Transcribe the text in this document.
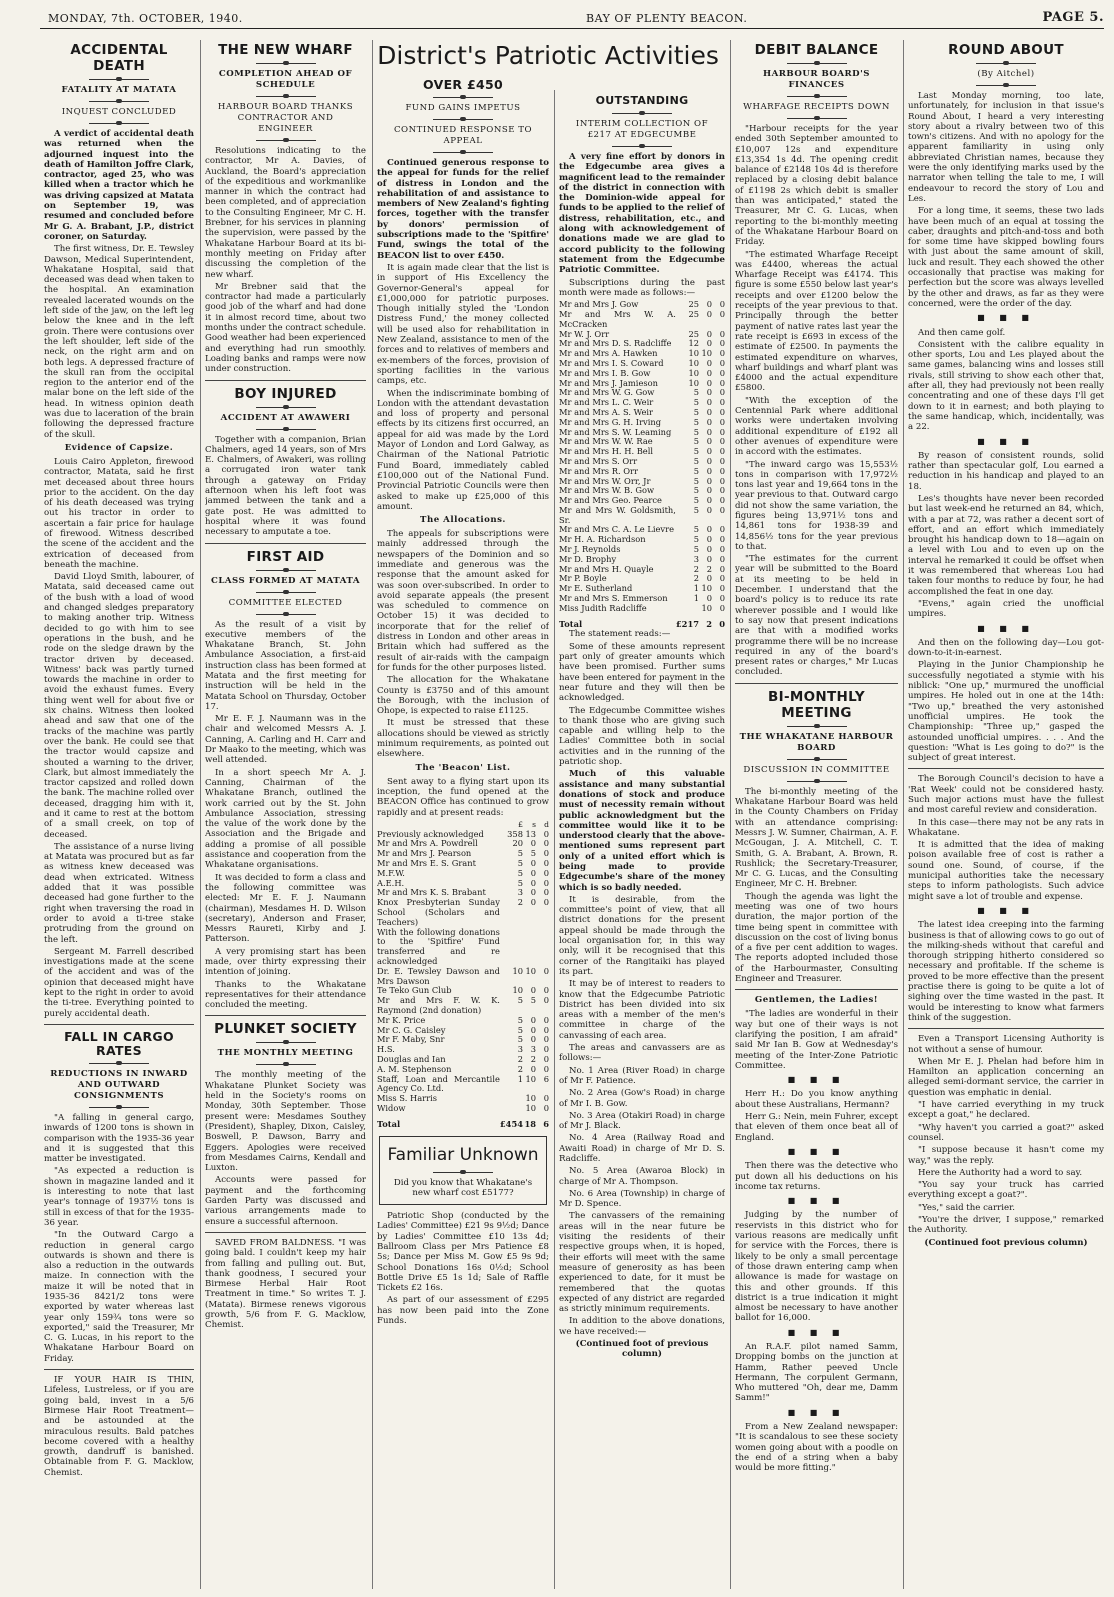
MONDAY, 7th. OCTOBER, 1940.	BAY OF PLENTY BEACON.	PAGE 5.
ACCIDENTAL DEATH
FATALITY AT MATATA
INQUEST CONCLUDED

A verdict of accidental death was returned when the adjourned inquest into the death of Hamilton Joffre Clark, contractor, aged 25, who was killed when a tractor which he was driving capsized at Matata on September 19, was resumed and concluded before Mr G. A. Brabant, J.P., district coroner, on Saturday.

The first witness, Dr. E. Tewsley Dawson, Medical Superintendent, Whakatane Hospital, said that deceased was dead when taken to the hospital. An examination revealed lacerated wounds on the left side of the jaw, on the left leg below the knee and in the left groin. There were contusions over the left shoulder, left side of the neck, on the right arm and on both legs. A depressed fracture of the skull ran from the occipital region to the anterior end of the malar bone on the left side of the head. In witness opinion death was due to laceration of the brain following the depressed fracture of the skull.

Evidence of Capsize.

Louis Cairo Appleton, firewood contractor, Matata, said he first met deceased about three hours prior to the accident. On the day of his death deceased was trying out his tractor in order to ascertain a fair price for haulage of firewood. Witness described the scene of the accident and the extrication of deceased from beneath the machine.

David Lloyd Smith, labourer, of Matata, said deceased came out of the bush with a load of wood and changed sledges preparatory to making another trip. Witness decided to go with him to see operations in the bush, and he rode on the sledge drawn by the tractor driven by deceased. Witness' back was partly turned towards the machine in order to avoid the exhaust fumes. Every thing went well for about five or six chains. Witness then looked ahead and saw that one of the tracks of the machine was partly over the bank. He could see that the tractor would capsize and shouted a warning to the driver, Clark, but almost immediately the tractor capsized and rolled down the bank. The machine rolled over deceased, dragging him with it, and it came to rest at the bottom of a small creek, on top of deceased.

The assistance of a nurse living at Matata was procured but as far as witness knew deceased was dead when extricated. Witness added that it was possible deceased had gone further to the right when traversing the road in order to avoid a ti-tree stake protruding from the ground on the left.

Sergeant M. Farrell described investigations made at the scene of the accident and was of the opinion that deceased might have kept to the right in order to avoid the ti-tree. Everything pointed to purely accidental death.

FALL IN CARGO RATES
REDUCTIONS IN INWARD AND OUTWARD CONSIGNMENTS

"A falling in general cargo, inwards of 1200 tons is shown in comparison with the 1935-36 year and it is suggested that this matter be investigated.

"As expected a reduction is shown in magazine landed and it is interesting to note that last year's tonnage of 1937½ tons is still in excess of that for the 1935-36 year.

"In the Outward Cargo a reduction in general cargo outwards is shown and there is also a reduction in the outwards maize. In connection with the maize it will be noted that in 1935-36 8421/2 tons were exported by water whereas last year only 159¾ tons were so exported," said the Treasurer, Mr C. G. Lucas, in his report to the Whakatane Harbour Board on Friday.

IF YOUR HAIR IS THIN, Lifeless, Lustreless, or if you are going bald, invest in a 5/6 Birmese Hair Root Treatment—and be astounded at the miraculous results. Bald patches become covered with a healthy growth, dandruff is banished. Obtainable from F. G. Macklow, Chemist.

THE NEW WHARF
COMPLETION AHEAD OF SCHEDULE
HARBOUR BOARD THANKS CONTRACTOR AND ENGINEER

Resolutions indicating to the contractor, Mr A. Davies, of Auckland, the Board's appreciation of the expeditious and workmanlike manner in which the contract had been completed, and of appreciation to the Consulting Engineer, Mr C. H. Brebner, for his services in planning the supervision, were passed by the Whakatane Harbour Board at its bi-monthly meeting on Friday after discussing the completion of the new wharf.

Mr Brebner said that the contractor had made a particularly good job of the wharf and had done it in almost record time, about two months under the contract schedule. Good weather had been experienced and everything had run smoothly. Loading banks and ramps were now under construction.

BOY INJURED
ACCIDENT AT AWAWERI

Together with a companion, Brian Chalmers, aged 14 years, son of Mrs E. Chalmers, of Awakeri, was rolling a corrugated iron water tank through a gateway on Friday afternoon when his left foot was jammed between the tank and a gate post. He was admitted to hospital where it was found necessary to amputate a toe.

FIRST AID
CLASS FORMED AT MATATA
COMMITTEE ELECTED

As the result of a visit by executive members of the Whakatane Branch, St. John Ambulance Association, a first-aid instruction class has been formed at Matata and the first meeting for instruction will be held in the Matata School on Thursday, October 17.

Mr E. F. J. Naumann was in the chair and welcomed Messrs A. J. Canning, A. Carling and H. Carr and Dr Maako to the meeting, which was well attended.

In a short speech Mr A. J. Canning, Chairman of the Whakatane Branch, outlined the work carried out by the St. John Ambulance Association, stressing the value of the work done by the Association and the Brigade and adding a promise of all possible assistance and cooperation from the Whakatane organisations.

It was decided to form a class and the following committee was elected: Mr E. F. J. Naumann (chairman), Mesdames H. D. Wilson (secretary), Anderson and Fraser, Messrs Raureti, Kirby and J. Patterson.

A very promising start has been made, over thirty expressing their intention of joining.

Thanks to the Whakatane representatives for their attendance concluded the meeting.

PLUNKET SOCIETY
THE MONTHLY MEETING

The monthly meeting of the Whakatane Plunket Society was held in the Society's rooms on Monday, 30th September. Those present were: Mesdames Southey (President), Shapley, Dixon, Caisley, Boswell, P. Dawson, Barry and Eggers. Apologies were received from Mesdames Cairns, Kendall and Luxton.

Accounts were passed for payment and the forthcoming Garden Party was discussed and various arrangements made to ensure a successful afternoon.

SAVED FROM BALDNESS. "I was going bald. I couldn't keep my hair from falling and pulling out. But, thank goodness, I secured your Birmese Herbal Hair Root Treatment in time." So writes T. J. (Matata). Birmese renews vigorous growth, 5/6 from F. G. Macklow, Chemist.

District's Patriotic Activities
OVER £450
FUND GAINS IMPETUS
CONTINUED RESPONSE TO APPEAL

Continued generous response to the appeal for funds for the relief of distress in London and the rehabilitation of and assistance to members of New Zealand's fighting forces, together with the transfer by donors' permission of subscriptions made to the 'Spitfire' Fund, swings the total of the BEACON list to over £450.

It is again made clear that the list is in support of His Excellency the Governor-General's appeal for £1,000,000 for patriotic purposes. Though initially styled the 'London Distress Fund,' the money collected will be used also for rehabilitation in New Zealand, assistance to men of the forces and to relatives of members and ex-members of the forces, provision of sporting facilities in the various camps, etc.

When the indiscriminate bombing of London with the attendant devastation and loss of property and personal effects by its citizens first occurred, an appeal for aid was made by the Lord Mayor of London and Lord Galway, as Chairman of the National Patriotic Fund Board, immediately cabled £100,000 out of the National Fund. Provincial Patriotic Councils were then asked to make up £25,000 of this amount.

The Allocations.

The appeals for subscriptions were mainly addressed through the newspapers of the Dominion and so immediate and generous was the response that the amount asked for was soon over-subscribed. In order to avoid separate appeals (the present was scheduled to commence on October 15) it was decided to incorporate that for the relief of distress in London and other areas in Britain which had suffered as the result of air-raids with the campaign for funds for the other purposes listed.

The allocation for the Whakatane County is £3750 and of this amount the Borough, with the inclusion of Ohope, is expected to raise £1125.

It must be stressed that these allocations should be viewed as strictly minimum requirements, as pointed out elsewhere.

The 'Beacon' List.

Sent away to a flying start upon its inception, the fund opened at the BEACON Office has continued to grow rapidly and at present reads:

	£	s	d
Previously acknowledged	358	13	0
Mr and Mrs A. Powdrell	20	0	0
Mr and Mrs J. Pearson	5	5	0
Mr and Mrs E. S. Grant	5	0	0
M.F.W.	5	0	0
A.E.H.	5	0	0
Mr and Mrs K. S. Brabant	3	0	0
Knox Presbyterian Sunday School (Scholars and Teachers)	2	0	0
With the following donations to the 'Spitfire' Fund transferred and re acknowledged			
Dr. E. Tewsley Dawson and Mrs Dawson	10	10	0
Te Teko Gun Club	10	0	0
Mr and Mrs F. W. K. Raymond (2nd donation)	5	5	0
Mr K. Price	5	0	0
Mr C. G. Caisley	5	0	0
Mr F. Maby, Snr	5	0	0
H.S.	3	3	0
Douglas and Ian	2	2	0
A. M. Stephenson	2	0	0
Staff, Loan and Mercantile Agency Co. Ltd.	1	10	6
Miss S. Harris		10	0
Widow		10	0
Total	£454	18	6
Familiar Unknown

Did you know that Whakatane's new wharf cost £5177?

Patriotic Shop (conducted by the Ladies' Committee) £21 9s 9½d; Dance by Ladies' Committee £10 13s 4d; Ballroom Class per Mrs Patience £8 5s; Dance per Miss M. Gow £5 9s 9d; School Donations 16s 0½d; School Bottle Drive £5 1s 1d; Sale of Raffle Tickets £2 16s.

As part of our assessment of £295 has now been paid into the Zone Funds.

OUTSTANDING
INTERIM COLLECTION OF £217 AT EDGECUMBE

A very fine effort by donors in the Edgecumbe area gives a magnificent lead to the remainder of the district in connection with the Dominion-wide appeal for funds to be applied to the relief of distress, rehabilitation, etc., and along with acknowledgement of donations made we are glad to accord publicity to the following statement from the Edgecumbe Patriotic Committee.

Subscriptions during the past month were made as follows:—

Mr and Mrs J. Gow	25	0	0
Mr and Mrs W. A. McCracken	25	0	0
Mr W. J. Orr	25	0	0
Mr and Mrs D. S. Radcliffe	12	0	0
Mr and Mrs A. Hawken	10	10	0
Mr and Mrs I. S. Coward	10	0	0
Mr and Mrs I. B. Gow	10	0	0
Mr and Mrs J. Jamieson	10	0	0
Mr and Mrs W. G. Gow	5	0	0
Mr and Mrs L. C. Weir	5	0	0
Mr and Mrs A. S. Weir	5	0	0
Mr and Mrs G. H. Irving	5	0	0
Mr and Mrs S. W. Leaming	5	0	0
Mr and Mrs W. W. Rae	5	0	0
Mr and Mrs H. H. Bell	5	0	0
Mr and Mrs S. Orr	5	0	0
Mr and Mrs R. Orr	5	0	0
Mr and Mrs W. Orr, Jr	5	0	0
Mr and Mrs W. B. Gow	5	0	0
Mr and Mrs Geo. Pearce	5	0	0
Mr and Mrs W. Goldsmith, Sr.	5	0	0
Mr and Mrs C. A. Le Lievre	5	0	0
Mr H. A. Richardson	5	0	0
Mr J. Reynolds	5	0	0
Mr D. Brophy	3	0	0
Mr and Mrs H. Quayle	2	2	0
Mr P. Boyle	2	0	0
Mr E. Sutherland	1	10	0
Mr and Mrs S. Emmerson	1	0	0
Miss Judith Radcliffe		10	0
Total	£217	2	0

The statement reads:—

Some of these amounts represent part only of greater amounts which have been promised. Further sums have been entered for payment in the near future and they will then be acknowledged.

The Edgecumbe Committee wishes to thank those who are giving such capable and willing help to the Ladies' Committee both in social activities and in the running of the patriotic shop.

Much of this valuable assistance and many substantial donations of stock and produce must of necessity remain without public acknowledgment but the committee would like it to be understood clearly that the above-mentioned sums represent part only of a united effort which is being made to provide Edgecumbe's share of the money which is so badly needed.

It is desirable, from the committee's point of view, that all district donations for the present appeal should be made through the local organisation for, in this way only, will it be recognised that this corner of the Rangitaiki has played its part.

It may be of interest to readers to know that the Edgecumbe Patriotic District has been divided into six areas with a member of the men's committee in charge of the canvassing of each area.

The areas and canvassers are as follows:—

No. 1 Area (River Road) in charge of Mr F. Patience.

No. 2 Area (Gow's Road) in charge of Mr I. B. Gow.

No. 3 Area (Otakiri Road) in charge of Mr J. Black.

No. 4 Area (Railway Road and Awaiti Road) in charge of Mr D. S. Radcliffe.

No. 5 Area (Awaroa Block) in charge of Mr A. Thompson.

No. 6 Area (Township) in charge of Mr D. Spence.

The canvassers of the remaining areas will in the near future be visiting the residents of their respective groups when, it is hoped, their efforts will meet with the same measure of generosity as has been experienced to date, for it must be remembered that the quotas expected of any district are regarded as strictly minimum requirements.

In addition to the above donations, we have received:—

(Continued foot of previous column)

DEBIT BALANCE
HARBOUR BOARD'S FINANCES
WHARFAGE RECEIPTS DOWN

"Harbour receipts for the year ended 30th September amounted to £10,007 12s and expenditure £13,354 1s 4d. The opening credit balance of £2148 10s 4d is therefore replaced by a closing debit balance of £1198 2s which debit is smaller than was anticipated," stated the Treasurer, Mr C. G. Lucas, when reporting to the bi-monthly meeting of the Whakatane Harbour Board on Friday.

"The estimated Wharfage Receipt was £4400, whereas the actual Wharfage Receipt was £4174. This figure is some £550 below last year's receipts and over £1200 below the receipts of the year previous to that. Principally through the better payment of native rates last year the rate receipt is £693 in excess of the estimate of £2500. In payments the estimated expenditure on wharves, wharf buildings and wharf plant was £4000 and the actual expenditure £5800.

"With the exception of the Centennial Park where additional works were undertaken involving additional expenditure of £192 all other avenues of expenditure were in accord with the estimates.

"The inward cargo was 15,553½ tons in comparison with 17,972½ tons last year and 19,664 tons in the year previous to that. Outward cargo did not show the same variation, the figures being 13,971½ tons and 14,861 tons for 1938-39 and 14,856½ tons for the year previous to that.

"The estimates for the current year will be submitted to the Board at its meeting to be held in December. I understand that the board's policy is to reduce its rate wherever possible and I would like to say now that present indications are that with a modified works programme there will be no increase required in any of the board's present rates or charges," Mr Lucas concluded.

BI-MONTHLY MEETING
THE WHAKATANE HARBOUR BOARD
DISCUSSION IN COMMITTEE

The bi-monthly meeting of the Whakatane Harbour Board was held in the County Chambers on Friday with an attendance comprising: Messrs J. W. Sumner, Chairman, A. F. McGougan, J. A. Mitchell, C. T. Smith, G. A. Brabant, A. Brown, R. Rushlick; the Secretary-Treasurer, Mr C. G. Lucas, and the Consulting Engineer, Mr C. H. Brebner.

Though the agenda was light the meeting was one of two hours duration, the major portion of the time being spent in committee with discussion on the cost of living bonus of a five per cent addition to wages. The reports adopted included those of the Harbourmaster, Consulting Engineer and Treasurer.

Gentlemen, the Ladies!

"The ladies are wonderful in their way but one of their ways is not clarifying the position, I am afraid" said Mr Ian B. Gow at Wednesday's meeting of the Inter-Zone Patriotic Committee.

■ ■ ■

Herr H.: Do you know anything about these Australians, Hermann?

Herr G.: Nein, mein Fuhrer, except that eleven of them once beat all of England.

■ ■ ■

Then there was the detective who put down all his deductions on his income tax returns.

■ ■ ■

Judging by the number of reservists in this district who for various reasons are medically unfit for service with the Forces, there is likely to be only a small percentage of those drawn entering camp when allowance is made for wastage on this and other grounds. If this district is a true indication it might almost be necessary to have another ballot for 16,000.

■ ■ ■

An R.A.F. pilot named Samm, Dropping bombs on the junction at Hamm, Rather peeved Uncle Hermann, The corpulent Germann, Who muttered "Oh, dear me, Damm Samm!"

■ ■ ■

From a New Zealand newspaper: "It is scandalous to see these society women going about with a poodle on the end of a string when a baby would be more fitting."

ROUND ABOUT
(By Aitchel)

Last Monday morning, too late, unfortunately, for inclusion in that issue's Round About, I heard a very interesting story about a rivalry between two of this town's citizens. And with no apology for the apparent familiarity in using only abbreviated Christian names, because they were the only identifying marks used by the narrator when telling the tale to me, I will endeavour to record the story of Lou and Les.

For a long time, it seems, these two lads have been much of an equal at tossing the caber, draughts and pitch-and-toss and both for some time have skipped bowling fours with just about the same amount of skill, luck and result. They each showed the other occasionally that practise was making for perfection but the score was always levelled by the other and draws, as far as they were concerned, were the order of the day.

■ ■ ■

And then came golf.

Consistent with the calibre equality in other sports, Lou and Les played about the same games, balancing wins and losses still rivals, still striving to show each other that, after all, they had previously not been really concentrating and one of these days I'll get down to it in earnest; and both playing to the same handicap, which, incidentally, was a 22.

■ ■ ■

By reason of consistent rounds, solid rather than spectacular golf, Lou earned a reduction in his handicap and played to an 18.

Les's thoughts have never been recorded but last week-end he returned an 84, which, with a par at 72, was rather a decent sort of effort, and an effort which immediately brought his handicap down to 18—again on a level with Lou and to even up on the interval he remarked it could be offset when it was remembered that whereas Lou had taken four months to reduce by four, he had accomplished the feat in one day.

"Evens," again cried the unofficial umpires.

■ ■ ■

And then on the following day—Lou got-down-to-it-in-earnest.

Playing in the Junior Championship he successfully negotiated a stymie with his niblick: "One up," murmured the unofficial umpires. He holed out in one at the 14th: "Two up," breathed the very astonished unofficial umpires. He took the Championship: "Three up," gasped the astounded unofficial umpires. . . . And the question: "What is Les going to do?" is the subject of great interest.

The Borough Council's decision to have a 'Rat Week' could not be considered hasty. Such major actions must have the fullest and most careful review and consideration.

In this case—there may not be any rats in Whakatane.

It is admitted that the idea of making poison available free of cost is rather a sound one. Sound, of course, if the municipal authorities take the necessary steps to inform pathologists. Such advice might save a lot of trouble and expense.

■ ■ ■

The latest idea creeping into the farming business is that of allowing cows to go out of the milking-sheds without that careful and thorough stripping hitherto considered so necessary and profitable. If the scheme is proved to be more effective than the present practise there is going to be quite a lot of sighing over the time wasted in the past. It would be interesting to know what farmers think of the suggestion.

Even a Transport Licensing Authority is not without a sense of humour.

When Mr E. J. Phelan had before him in Hamilton an application concerning an alleged semi-dormant service, the carrier in question was emphatic in denial.

"I have carried everything in my truck except a goat," he declared.

"Why haven't you carried a goat?" asked counsel.

"I suppose because it hasn't come my way," was the reply.

Here the Authority had a word to say.

"You say your truck has carried everything except a goat?".

"Yes," said the carrier.

"You're the driver, I suppose," remarked the Authority.

(Continued foot previous column)
